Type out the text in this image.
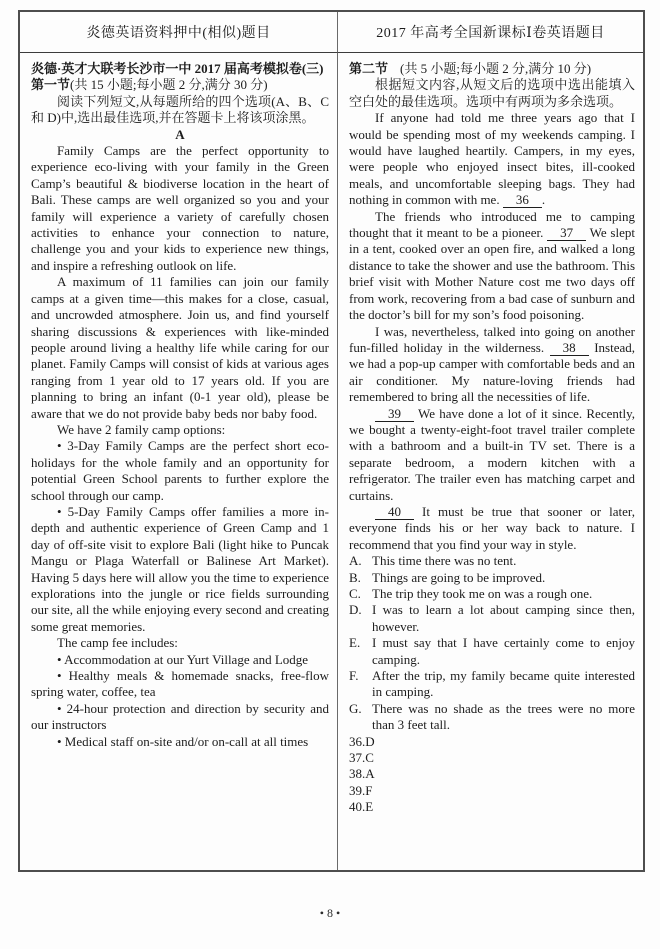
炎德英语资料押中(相似)题目	2017 年高考全国新课标Ⅰ卷英语题目

炎德·英才大联考长沙市一中 2017 届高考模拟卷(三)

第一节(共 15 小题;每小题 2 分,满分 30 分)

阅读下列短文,从每题所给的四个选项(A、B、C 和 D)中,选出最佳选项,并在答题卡上将该项涂黑。

A

Family Camps are the perfect opportunity to experience eco-living with your family in the Green Camp’s beautiful & biodiverse location in the heart of Bali. These camps are well organized so you and your family will experience a variety of carefully chosen activities to enhance your connection to nature, challenge you and your kids to experience new things, and inspire a refreshing outlook on life.

A maximum of 11 families can join our family camps at a given time—this makes for a close, casual, and uncrowded atmosphere. Join us, and find yourself sharing discussions & experiences with like-minded people around living a healthy life while caring for our planet. Family Camps will consist of kids at various ages ranging from 1 year old to 17 years old. If you are planning to bring an infant (0-1 year old), please be aware that we do not provide baby beds nor baby food.

We have 2 family camp options:

• 3-Day Family Camps are the perfect short eco-holidays for the whole family and an opportunity for potential Green School parents to further explore the school through our camp.

• 5-Day Family Camps offer families a more in-depth and authentic experience of Green Camp and 1 day of off-site visit to explore Bali (light hike to Puncak Mangu or Plaga Waterfall or Balinese Art Market). Having 5 days here will allow you the time to experience explorations into the jungle or rice fields surrounding our site, all the while enjoying every second and creating some great memories.

The camp fee includes:

• Accommodation at our Yurt Village and Lodge

• Healthy meals & homemade snacks, free-flow spring water, coffee, tea

• 24-hour protection and direction by security and our instructors

• Medical staff on-site and/or on-call at all times

第二节 (共 5 小题;每小题 2 分,满分 10 分)

根据短文内容,从短文后的选项中选出能填入空白处的最佳选项。选项中有两项为多余选项。

If anyone had told me three years ago that I would be spending most of my weekends camping. I would have laughed heartily. Campers, in my eyes, were people who enjoyed insect bites, ill-cooked meals, and uncomfortable sleeping bags. They had nothing in common with me. 36 .

The friends who introduced me to camping thought that it meant to be a pioneer. 37 We slept in a tent, cooked over an open fire, and walked a long distance to take the shower and use the bathroom. This brief visit with Mother Nature cost me two days off from work, recovering from a bad case of sunburn and the doctor’s bill for my son’s food poisoning.

I was, nevertheless, talked into going on another fun-filled holiday in the wilderness. 38 Instead, we had a pop-up camper with comfortable beds and an air conditioner. My nature-loving friends had remembered to bring all the necessities of life.

39 We have done a lot of it since. Recently, we bought a twenty-eight-foot travel trailer complete with a bathroom and a built-in TV set. There is a separate bedroom, a modern kitchen with a refrigerator. The trailer even has matching carpet and curtains.

40 It must be true that sooner or later, everyone finds his or her way back to nature. I recommend that you find your way in style.

A. This time there was no tent.
B. Things are going to be improved.
C. The trip they took me on was a rough one.
D. I was to learn a lot about camping since then, however.
E. I must say that I have certainly come to enjoy camping.
F. After the trip, my family became quite interested in camping.
G. There was no shade as the trees were no more than 3 feet tall.
36.D
37.C
38.A
39.F
40.E
• 8 •
